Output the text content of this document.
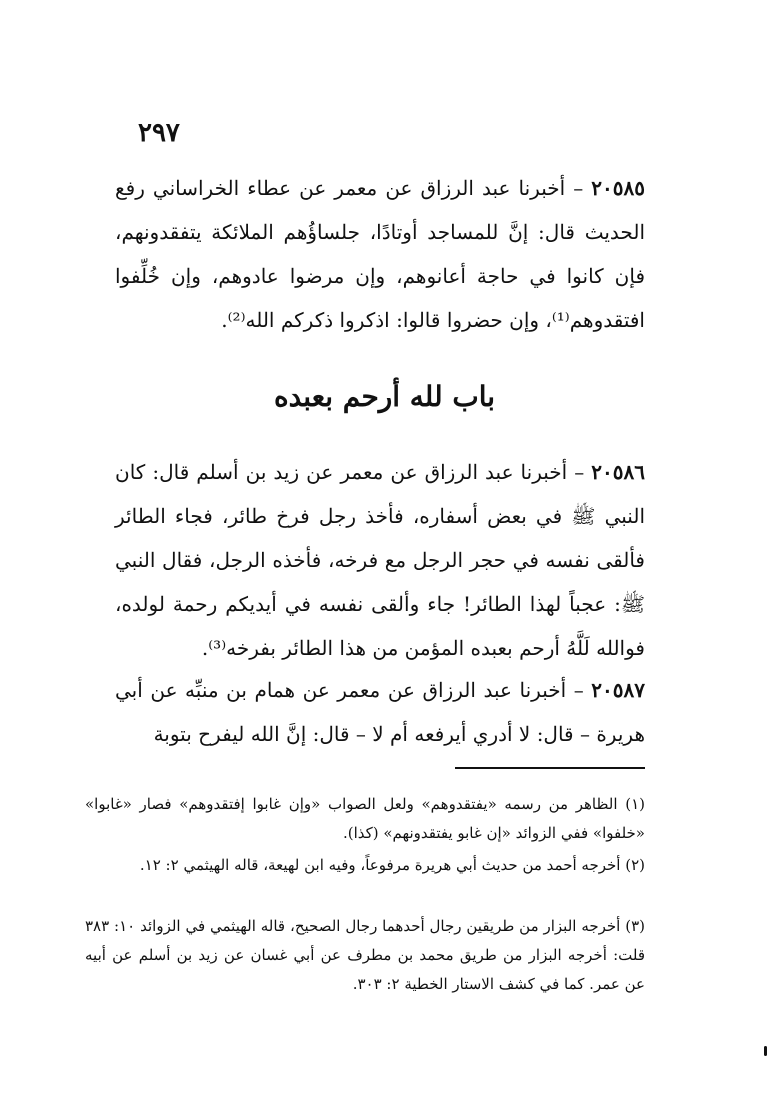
٢٩٧
٢٠٥٨٥ – أخبرنا عبد الرزاق عن معمر عن عطاء الخراساني رفع الحديث قال: إنَّ للمساجد أوتادًا، جلساؤُهم الملائكة يتفقدونهم، فإن كانوا في حاجة أعانوهم، وإن مرضوا عادوهم، وإن خُلِّفوا افتقدوهم⁽¹⁾، وإن حضروا قالوا: اذكروا ذكركم الله⁽²⁾.
باب لله أرحم بعبده
٢٠٥٨٦ – أخبرنا عبد الرزاق عن معمر عن زيد بن أسلم قال: كان النبي ﷺ في بعض أسفاره، فأخذ رجل فرخ طائر، فجاء الطائر فألقى نفسه في حجر الرجل مع فرخه، فأخذه الرجل، فقال النبي ﷺ: عجباً لهذا الطائر! جاء وألقى نفسه في أيديكم رحمة لولده، فوالله لَلَّهُ أرحم بعبده المؤمن من هذا الطائر بفرخه⁽³⁾.
٢٠٥٨٧ – أخبرنا عبد الرزاق عن معمر عن همام بن منبِّه عن أبي هريرة – قال: لا أدري أيرفعه أم لا – قال: إنَّ الله ليفرح بتوبة
(١) الظاهر من رسمه «يفتقدوهم» ولعل الصواب «وإن غابوا إفتقدوهم» فصار «غابوا» «خلفوا» ففي الزوائد «إن غابو يفتقدونهم» (كذا).
(٢) أخرجه أحمد من حديث أبي هريرة مرفوعاً، وفيه ابن لهيعة، قاله الهيثمي ٢: ١٢.
(٣) أخرجه البزار من طريقين رجال أحدهما رجال الصحيح، قاله الهيثمي في الزوائد ١٠: ٣٨٣ قلت: أخرجه البزار من طريق محمد بن مطرف عن أبي غسان عن زيد بن أسلم عن أبيه عن عمر. كما في كشف الاستار الخطية ٢: ٣٠٣.
